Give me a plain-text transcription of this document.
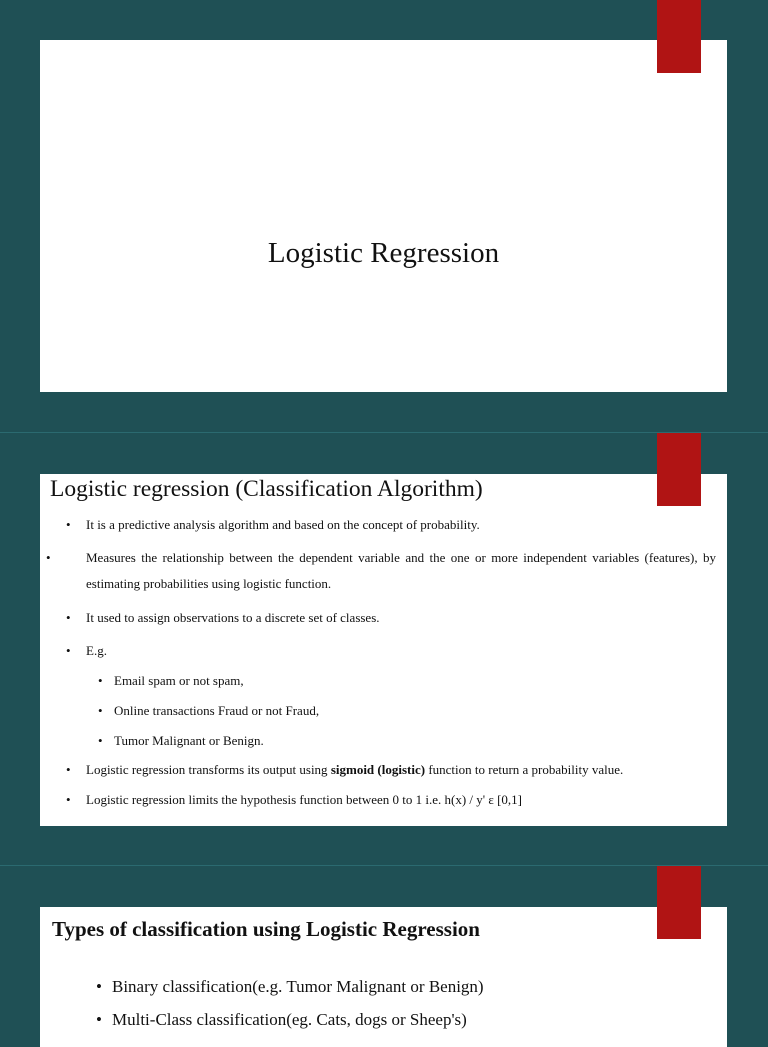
Logistic Regression
Logistic regression (Classification Algorithm)
• It is a predictive analysis algorithm and based on the concept of probability.
•	Measures the relationship between the dependent variable and the one or more independent variables (features), by estimating probabilities using logistic function.
• It used to assign observations to a discrete set of classes.
• E.g.
• Email spam or not spam,
• Online transactions Fraud or not Fraud,
• Tumor Malignant or Benign.
• Logistic regression transforms its output using sigmoid (logistic) function to return a probability value.
• Logistic regression limits the hypothesis function between 0 to 1 i.e. h(x) / y' ε [0,1]
Types of classification using Logistic Regression
• Binary classification(e.g. Tumor Malignant or Benign)
• Multi-Class classification(eg. Cats, dogs or Sheep's)
